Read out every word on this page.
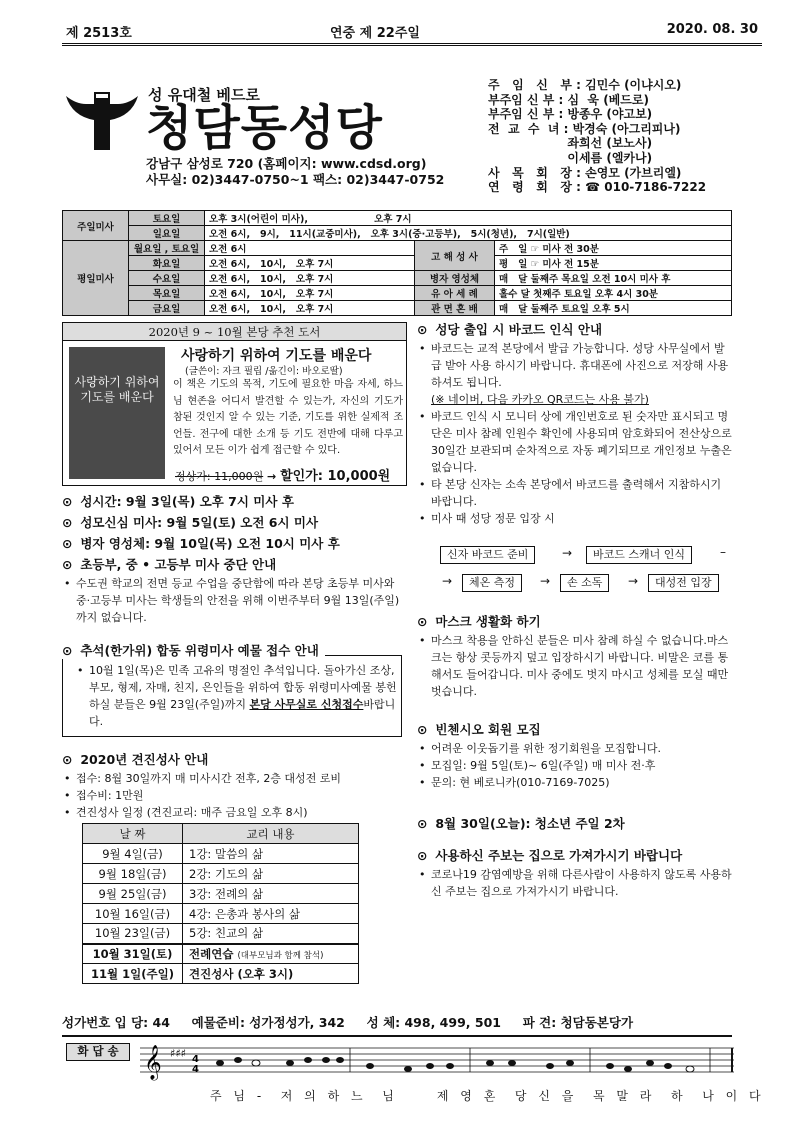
제 2513호	연중 제 22주일	2020. 08. 30
성 유대철 베드로
청담동성당
강남구 삼성로 720 (홈페이지: www.cdsd.org)
사무실: 02)3447-0750~1 팩스: 02)3447-0752
주   임   신   부 : 김민수 (이냐시오)
부주임 신 부 : 심  욱 (베드로)
부주임 신 부 : 방종우 (야고보)
전  교  수  녀 : 박경숙 (아그리피나)
좌희선 (보노사)
이세름 (엘카나)
사   목   회   장 : 손영모 (가브리엘)
연   령   회   장 : ☎ 010-7186-7222
주일미사	토요일	오후 3시(어린이 미사),                    오후 7시		
	일요일	오전 6시,   9시,   11시(교중미사),   오후 3시(중·고등부),   5시(청년),   7시(일반)		
평일미사	월요일 , 토요일	오전 6시	고 해 성 사	주   일 ☞ 미사 전 30분
	화요일	오전 6시,   10시,   오후 7시		평   일 ☞ 미사 전 15분
	수요일	오전 6시,   10시,   오후 7시	병자 영성체	매   달 둘째주 목요일 오전 10시 미사 후
	목요일	오전 6시,   10시,   오후 7시	유 아 세 례	홀수 달 첫째주 토요일 오후 4시 30분
	금요일	오전 6시,   10시,   오후 7시	관 면 혼 배	매   달 둘째주 토요일 오후 5시
2020년 9 ~ 10월 본당 추천 도서
사랑하기 위하여 기도를 배운다
사랑하기 위하여 기도를 배운다
(글쓴이: 자크 필립 /옮긴이: 바오로딸)
이 책은 기도의 목적, 기도에 필요한 마음 자세, 하느님 현존을 어디서 발견할 수 있는가, 자신의 기도가 참된 것인지 알 수 있는 기준, 기도를 위한 실제적 조언들. 전구에 대한 소개 등 기도 전반에 대해 다루고 있어서 모든 이가 쉽게 접근할 수 있다.
정상가: 11,000원 → 할인가: 10,000원
⊙ 성시간: 9월 3일(목) 오후 7시 미사 후
⊙ 성모신심 미사: 9월 5일(토) 오전 6시 미사
⊙ 병자 영성체: 9월 10일(목) 오전 10시 미사 후
⊙ 초등부, 중 • 고등부 미사 중단 안내
• 수도권 학교의 전면 등교 수업을 중단함에 따라 본당 초등부 미사와 중·고등부 미사는 학생들의 안전을 위해 이번주부터 9월 13일(주일)까지 없습니다.
⊙ 추석(한가위) 합동 위령미사 예물 접수 안내
• 10월 1일(목)은 민족 고유의 명절인 추석입니다. 돌아가신 조상, 부모, 형제, 자매, 친지, 은인들을 위하여 합동 위령미사예물 봉헌하실 분들은 9월 23일(주일)까지 본당 사무실로 신청접수바랍니다.
⊙ 2020년 견진성사 안내
• 접수: 8월 30일까지 매 미사시간 전후, 2층 대성전 로비
• 접수비: 1만원
• 견진성사 일정 (견진교리: 매주 금요일 오후 8시)
날 짜	교리 내용
9월 4일(금)	1강: 말씀의 삶
9월 18일(금)	2강: 기도의 삶
9월 25일(금)	3강: 전례의 삶
10월 16일(금)	4강: 은총과 봉사의 삶
10월 23일(금)	5강: 친교의 삶
10월 31일(토)	전례연습 (대부모님과 함께 참석)
11월 1일(주일)	견진성사 (오후 3시)
⊙ 성당 출입 시 바코드 인식 안내
• 바코드는 교적 본당에서 발급 가능합니다. 성당 사무실에서 발급 받아 사용 하시기 바랍니다. 휴대폰에 사진으로 저장해 사용하셔도 됩니다.
(※ 네이버, 다음 카카오 QR코드는 사용 불가)
• 바코드 인식 시 모니터 상에 개인번호로 된 숫자만 표시되고 명단은 미사 참례 인원수 확인에 사용되며 암호화되어 전산상으로 30일간 보관되며 순차적으로 자동 폐기되므로 개인정보 누출은 없습니다.
• 타 본당 신자는 소속 본당에서 바코드를 출력해서 지참하시기 바랍니다.
• 미사 때 성당 정문 입장 시
신자 바코드 준비	→	바코드 스캐너 인식	–
→	체온 측정	→	손 소독	→	대성전 입장
⊙ 마스크 생활화 하기
• 마스크 착용을 안하신 분들은 미사 참례 하실 수 없습니다.마스크는 항상 콧등까지 덮고 입장하시기 바랍니다. 비말은 코를 통해서도 들어갑니다. 미사 중에도 벗지 마시고 성체를 모실 때만 벗습니다.
⊙ 빈첸시오 회원 모집
• 어려운 이웃돕기를 위한 정기회원을 모집합니다.
• 모집일: 9월 5일(토)~ 6일(주일) 매 미사 전·후
• 문의: 현 베로니카(010-7169-7025)
⊙ 8월 30일(오늘): 청소년 주일 2차
⊙ 사용하신 주보는 집으로 가져가시기 바랍니다
• 코로나19 감염예방을 위해 다른사람이 사용하지 않도록 사용하신 주보는 집으로 가져가시기 바랍니다.
성가번호 입 당: 44     예물준비: 성가정성가, 342     성 체: 498, 499, 501     파 견: 청담동본당가
화 답 송 𝄞 ♯♯♯ 4
4
주 님 -  저 의 하 느  님     제 영 혼  당 신 을  목 말 라  하  나 이 다
